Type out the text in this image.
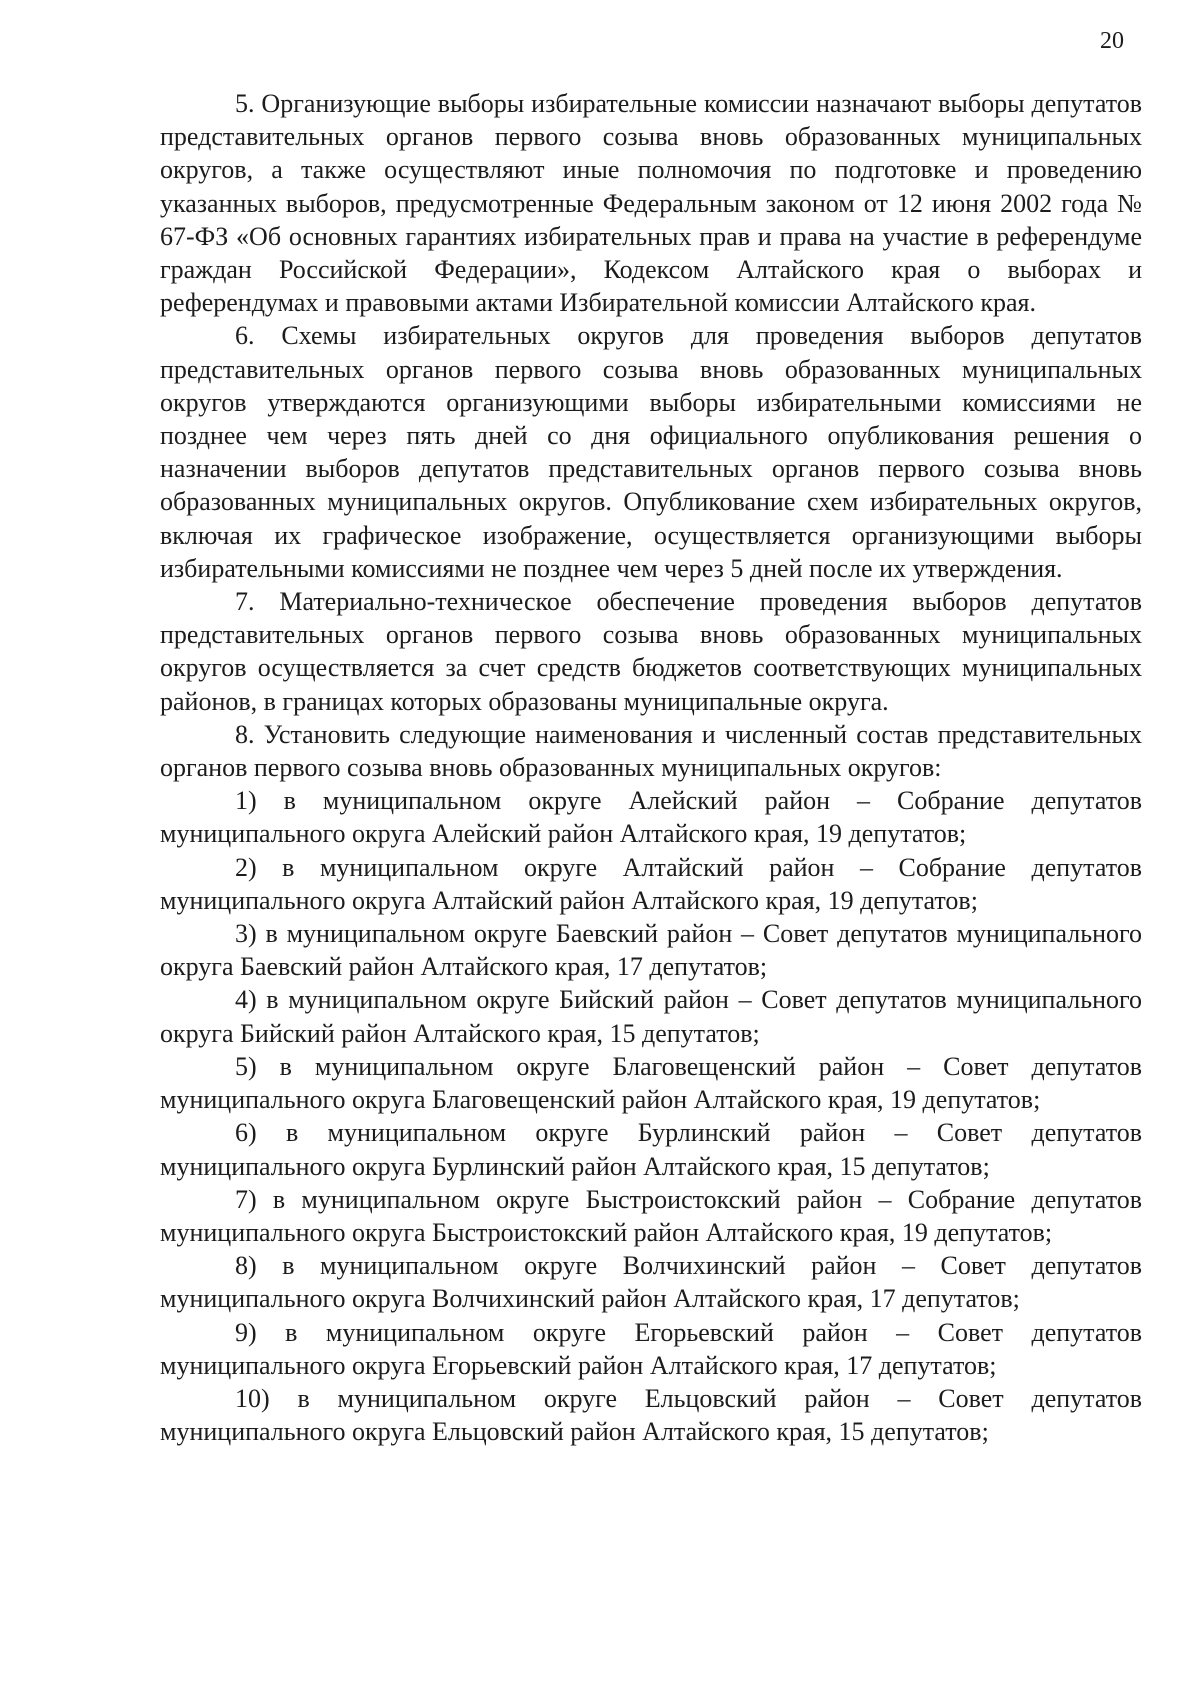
20

5. Организующие выборы избирательные комиссии назначают выборы депутатов представительных органов первого созыва вновь образованных муниципальных округов, а также осуществляют иные полномочия по подготовке и проведению указанных выборов, предусмотренные Федеральным законом от 12 июня 2002 года № 67-ФЗ «Об основных гарантиях избирательных прав и права на участие в референдуме граждан Российской Федерации», Кодексом Алтайского края о выборах и референдумах и правовыми актами Избирательной комиссии Алтайского края.

6. Схемы избирательных округов для проведения выборов депутатов представительных органов первого созыва вновь образованных муниципальных округов утверждаются организующими выборы избирательными комиссиями не позднее чем через пять дней со дня официального опубликования решения о назначении выборов депутатов представительных органов первого созыва вновь образованных муниципальных округов. Опубликование схем избирательных округов, включая их графическое изображение, осуществляется организующими выборы избирательными комиссиями не позднее чем через 5 дней после их утверждения.

7. Материально-техническое обеспечение проведения выборов депутатов представительных органов первого созыва вновь образованных муниципальных округов осуществляется за счет средств бюджетов соответствующих муниципальных районов, в границах которых образованы муниципальные округа.

8. Установить следующие наименования и численный состав представительных органов первого созыва вновь образованных муниципальных округов:

1) в муниципальном округе Алейский район – Собрание депутатов муниципального округа Алейский район Алтайского края, 19 депутатов;

2) в муниципальном округе Алтайский район – Собрание депутатов муниципального округа Алтайский район Алтайского края, 19 депутатов;

3) в муниципальном округе Баевский район – Совет депутатов муниципального округа Баевский район Алтайского края, 17 депутатов;

4) в муниципальном округе Бийский район – Совет депутатов муниципального округа Бийский район Алтайского края, 15 депутатов;

5) в муниципальном округе Благовещенский район – Совет депутатов муниципального округа Благовещенский район Алтайского края, 19 депутатов;

6) в муниципальном округе Бурлинский район – Совет депутатов муниципального округа Бурлинский район Алтайского края, 15 депутатов;

7) в муниципальном округе Быстроистокский район – Собрание депутатов муниципального округа Быстроистокский район Алтайского края, 19 депутатов;

8) в муниципальном округе Волчихинский район – Совет депутатов муниципального округа Волчихинский район Алтайского края, 17 депутатов;

9) в муниципальном округе Егорьевский район – Совет депутатов муниципального округа Егорьевский район Алтайского края, 17 депутатов;

10) в муниципальном округе Ельцовский район – Совет депутатов муниципального округа Ельцовский район Алтайского края, 15 депутатов;
